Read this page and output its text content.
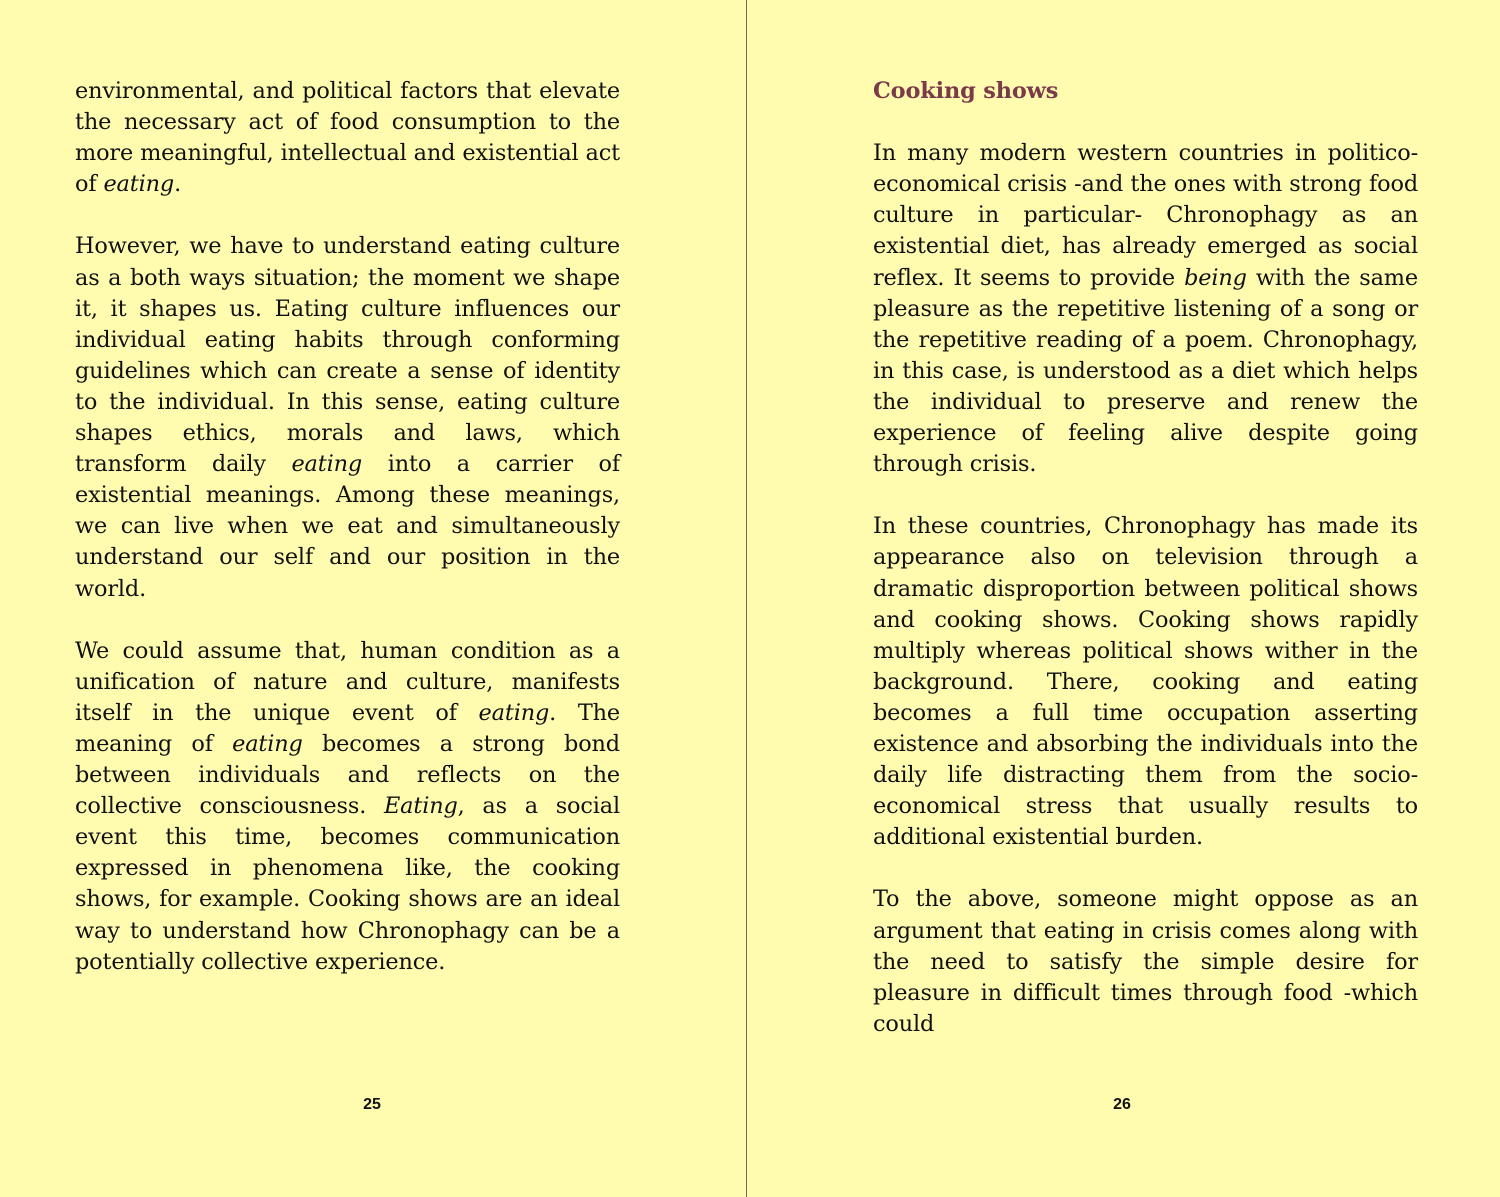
environmental, and political factors that elevate the necessary act of food consumption to the more meaningful, intellectual and existential act of eating.

However, we have to understand eating culture as a both ways situation; the moment we shape it, it shapes us. Eating culture influences our individual eating habits through conforming guidelines which can create a sense of identity to the individual. In this sense, eating culture shapes ethics, morals and laws, which transform daily eating into a carrier of existential meanings. Among these meanings, we can live when we eat and simultaneously understand our self and our position in the world.

We could assume that, human condition as a unification of nature and culture, manifests itself in the unique event of eating. The meaning of eating becomes a strong bond between individuals and reflects on the collective consciousness. Eating, as a social event this time, becomes communication expressed in phenomena like, the cooking shows, for example. Cooking shows are an ideal way to understand how Chronophagy can be a potentially collective experience.

25
Cooking shows

In many modern western countries in politico-economical crisis -and the ones with strong food culture in particular- Chronophagy as an existential diet, has already emerged as social reflex. It seems to provide being with the same pleasure as the repetitive listening of a song or the repetitive reading of a poem. Chronophagy, in this case, is understood as a diet which helps the individual to preserve and renew the experience of feeling alive despite going through crisis.

In these countries, Chronophagy has made its appearance also on television through a dramatic disproportion between political shows and cooking shows. Cooking shows rapidly multiply whereas political shows wither in the background. There, cooking and eating becomes a full time occupation asserting existence and absorbing the individuals into the daily life distracting them from the socio-economical stress that usually results to additional existential burden.

To the above, someone might oppose as an argument that eating in crisis comes along with the need to satisfy the simple desire for pleasure in difficult times through food -which could

26
